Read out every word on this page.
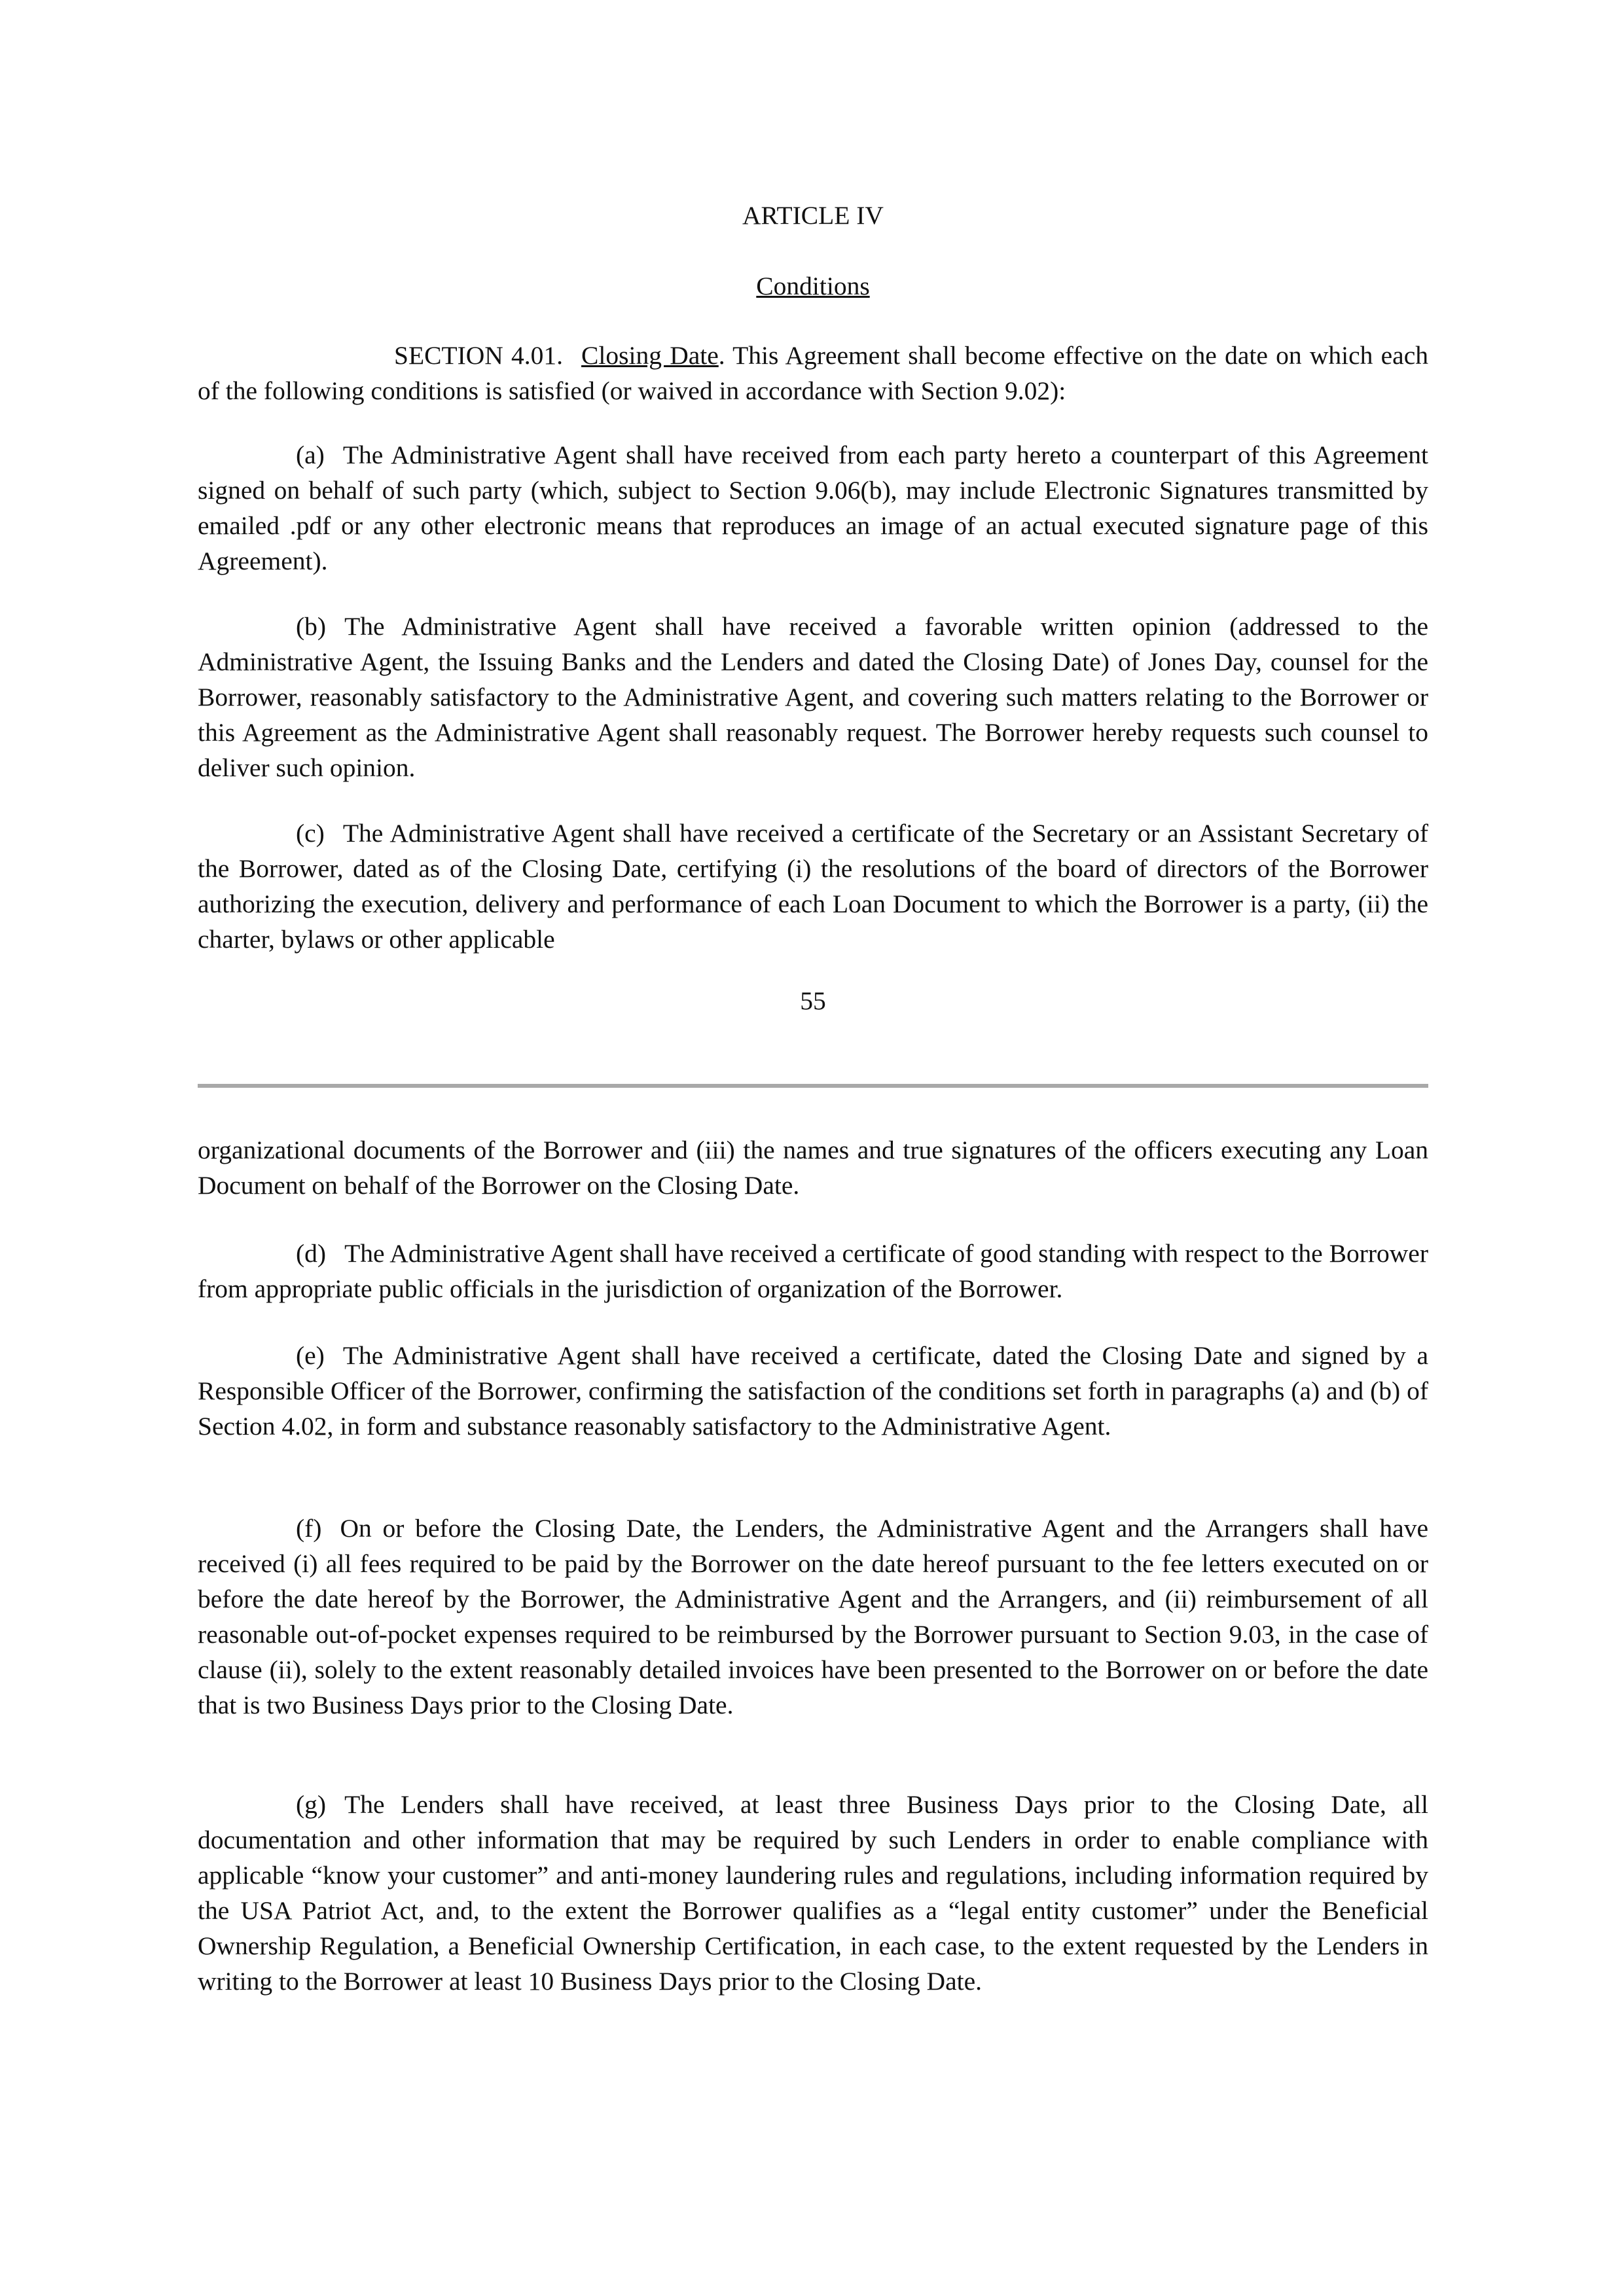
ARTICLE IV
Conditions

SECTION 4.01. Closing Date. This Agreement shall become effective on the date on which each of the following conditions is satisfied (or waived in accordance with Section 9.02):

(a) The Administrative Agent shall have received from each party hereto a counterpart of this Agreement signed on behalf of such party (which, subject to Section 9.06(b), may include Electronic Signatures transmitted by emailed .pdf or any other electronic means that reproduces an image of an actual executed signature page of this Agreement).

(b) The Administrative Agent shall have received a favorable written opinion (addressed to the Administrative Agent, the Issuing Banks and the Lenders and dated the Closing Date) of Jones Day, counsel for the Borrower, reasonably satisfactory to the Administrative Agent, and covering such matters relating to the Borrower or this Agreement as the Administrative Agent shall reasonably request. The Borrower hereby requests such counsel to deliver such opinion.

(c) The Administrative Agent shall have received a certificate of the Secretary or an Assistant Secretary of the Borrower, dated as of the Closing Date, certifying (i) the resolutions of the board of directors of the Borrower authorizing the execution, delivery and performance of each Loan Document to which the Borrower is a party, (ii) the charter, bylaws or other applicable

55

organizational documents of the Borrower and (iii) the names and true signatures of the officers executing any Loan Document on behalf of the Borrower on the Closing Date.

(d) The Administrative Agent shall have received a certificate of good standing with respect to the Borrower from appropriate public officials in the jurisdiction of organization of the Borrower.

(e) The Administrative Agent shall have received a certificate, dated the Closing Date and signed by a Responsible Officer of the Borrower, confirming the satisfaction of the conditions set forth in paragraphs (a) and (b) of Section 4.02, in form and substance reasonably satisfactory to the Administrative Agent.

(f) On or before the Closing Date, the Lenders, the Administrative Agent and the Arrangers shall have received (i) all fees required to be paid by the Borrower on the date hereof pursuant to the fee letters executed on or before the date hereof by the Borrower, the Administrative Agent and the Arrangers, and (ii) reimbursement of all reasonable out-of-pocket expenses required to be reimbursed by the Borrower pursuant to Section 9.03, in the case of clause (ii), solely to the extent reasonably detailed invoices have been presented to the Borrower on or before the date that is two Business Days prior to the Closing Date.

(g) The Lenders shall have received, at least three Business Days prior to the Closing Date, all documentation and other information that may be required by such Lenders in order to enable compliance with applicable “know your customer” and anti-money laundering rules and regulations, including information required by the USA Patriot Act, and, to the extent the Borrower qualifies as a “legal entity customer” under the Beneficial Ownership Regulation, a Beneficial Ownership Certification, in each case, to the extent requested by the Lenders in writing to the Borrower at least 10 Business Days prior to the Closing Date.
